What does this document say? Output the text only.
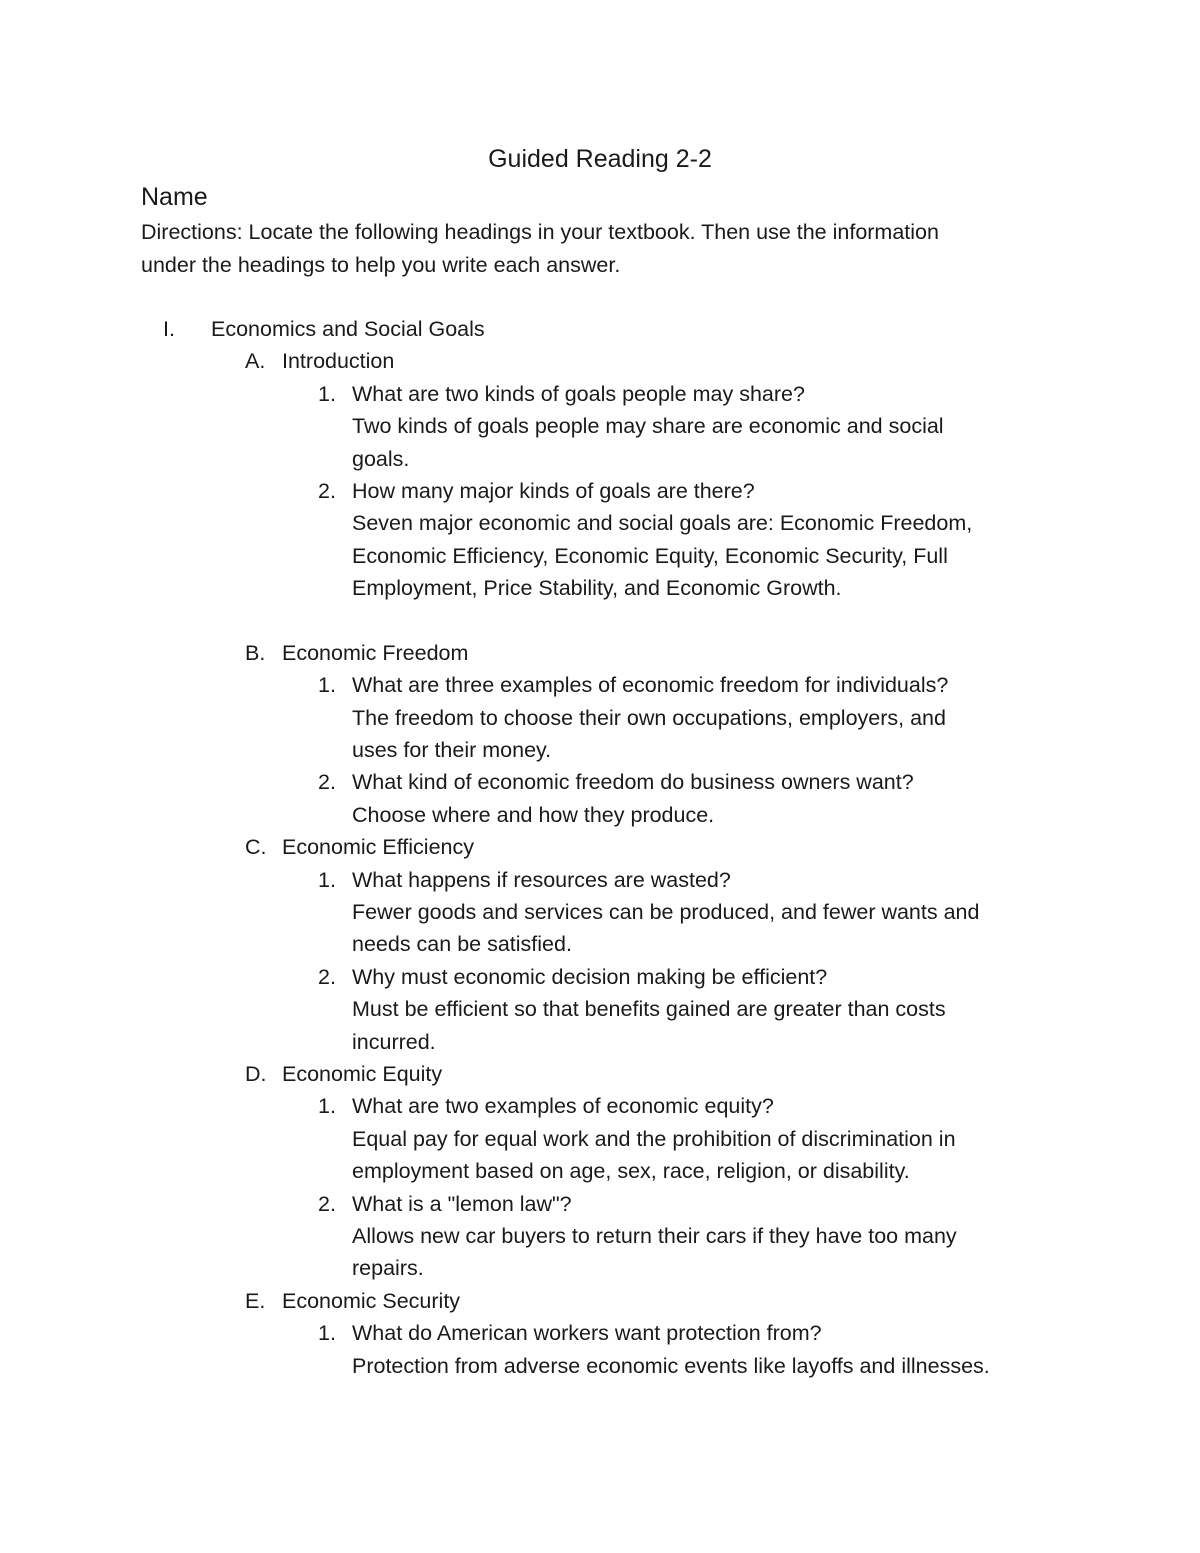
Guided Reading 2-2
Name
Directions: Locate the following headings in your textbook. Then use the information
under the headings to help you write each answer.
I. Economics and Social Goals
A. Introduction
1. What are two kinds of goals people may share?
Two kinds of goals people may share are economic and social
goals.
2. How many major kinds of goals are there?
Seven major economic and social goals are: Economic Freedom,
Economic Efficiency, Economic Equity, Economic Security, Full
Employment, Price Stability, and Economic Growth.
B. Economic Freedom
1. What are three examples of economic freedom for individuals?
The freedom to choose their own occupations, employers, and
uses for their money.
2. What kind of economic freedom do business owners want?
Choose where and how they produce.
C. Economic Efficiency
1. What happens if resources are wasted?
Fewer goods and services can be produced, and fewer wants and
needs can be satisfied.
2. Why must economic decision making be efficient?
Must be efficient so that benefits gained are greater than costs
incurred.
D. Economic Equity
1. What are two examples of economic equity?
Equal pay for equal work and the prohibition of discrimination in
employment based on age, sex, race, religion, or disability.
2. What is a "lemon law"?
Allows new car buyers to return their cars if they have too many
repairs.
E. Economic Security
1. What do American workers want protection from?
Protection from adverse economic events like layoffs and illnesses.
